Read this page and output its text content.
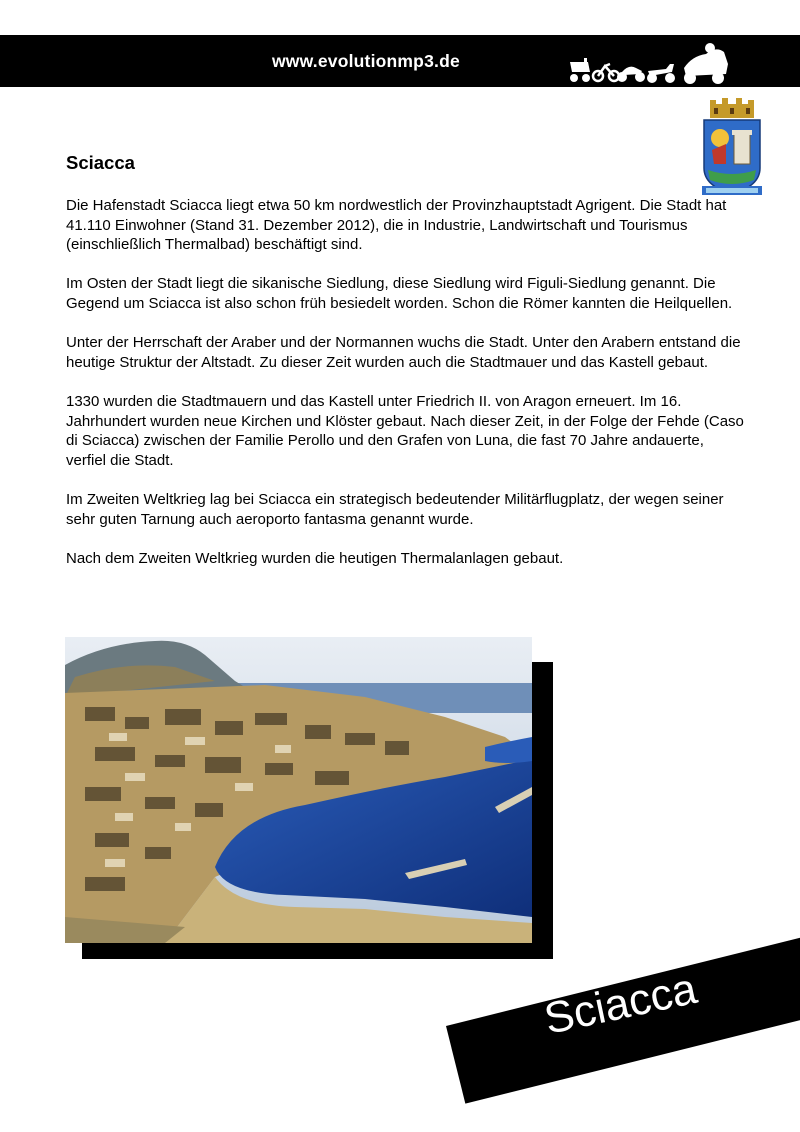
www.evolutionmp3.de
Sciacca

Die Hafenstadt Sciacca liegt etwa 50 km nordwestlich der Provinzhauptstadt Agrigent. Die Stadt hat 41.110 Einwohner (Stand 31. Dezember 2012), die in Industrie, Landwirtschaft und Tourismus (einschließlich Thermalbad) beschäftigt sind.

Im Osten der Stadt liegt die sikanische Siedlung, diese Siedlung wird Figuli-Siedlung genannt. Die Gegend um Sciacca ist also schon früh besiedelt worden. Schon die Römer kannten die Heilquellen.

Unter der Herrschaft der Araber und der Normannen wuchs die Stadt. Unter den Arabern entstand die heutige Struktur der Altstadt. Zu dieser Zeit wurden auch die Stadtmauer und das Kastell gebaut.

1330 wurden die Stadtmauern und das Kastell unter Friedrich II. von Aragon erneuert. Im 16. Jahrhundert wurden neue Kirchen und Klöster gebaut. Nach dieser Zeit, in der Folge der Fehde (Caso di Sciacca) zwischen der Familie Perollo und den Grafen von Luna, die fast 70 Jahre andauerte, verfiel die Stadt.

Im Zweiten Weltkrieg lag bei Sciacca ein strategisch bedeutender Militärflugplatz, der wegen seiner sehr guten Tarnung auch aeroporto fantasma genannt wurde.

Nach dem Zweiten Weltkrieg wurden die heutigen Thermalanlagen gebaut.

Sciacca
